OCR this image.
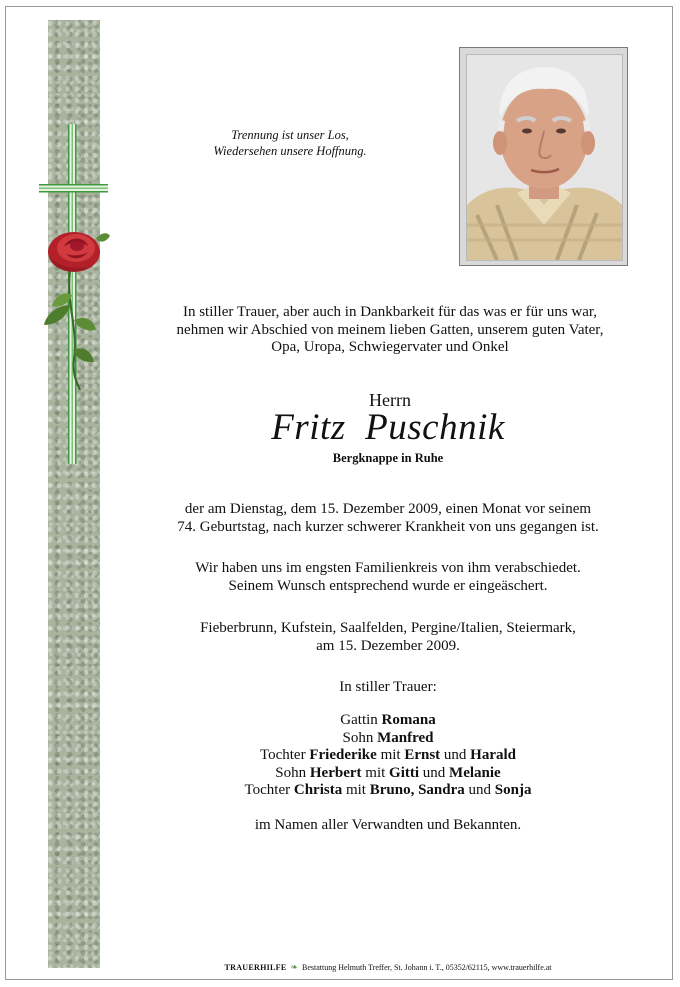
Trennung ist unser Los,
Wiedersehen unsere Hoffnung.
In stiller Trauer, aber auch in Dankbarkeit für das was er für uns war,
nehmen wir Abschied von meinem lieben Gatten, unserem guten Vater,
Opa, Uropa, Schwiegervater und Onkel
Herrn
Fritz  Puschnik
Bergknappe in Ruhe
der am Dienstag, dem 15. Dezember 2009, einen Monat vor seinem
74. Geburtstag, nach kurzer schwerer Krankheit von uns gegangen ist.
Wir haben uns im engsten Familienkreis von ihm verabschiedet.
Seinem Wunsch entsprechend wurde er eingeäschert.
Fieberbrunn, Kufstein, Saalfelden, Pergine/Italien, Steiermark,
am 15. Dezember 2009.
In stiller Trauer:
Gattin Romana
Sohn Manfred
Tochter Friederike mit Ernst und Harald
Sohn Herbert mit Gitti und Melanie
Tochter Christa mit Bruno, Sandra und Sonja
im Namen aller Verwandten und Bekannten.
TRAUERHILFE ❧ Bestattung Helmuth Treffer, St. Johann i. T., 05352/62115, www.trauerhilfe.at
